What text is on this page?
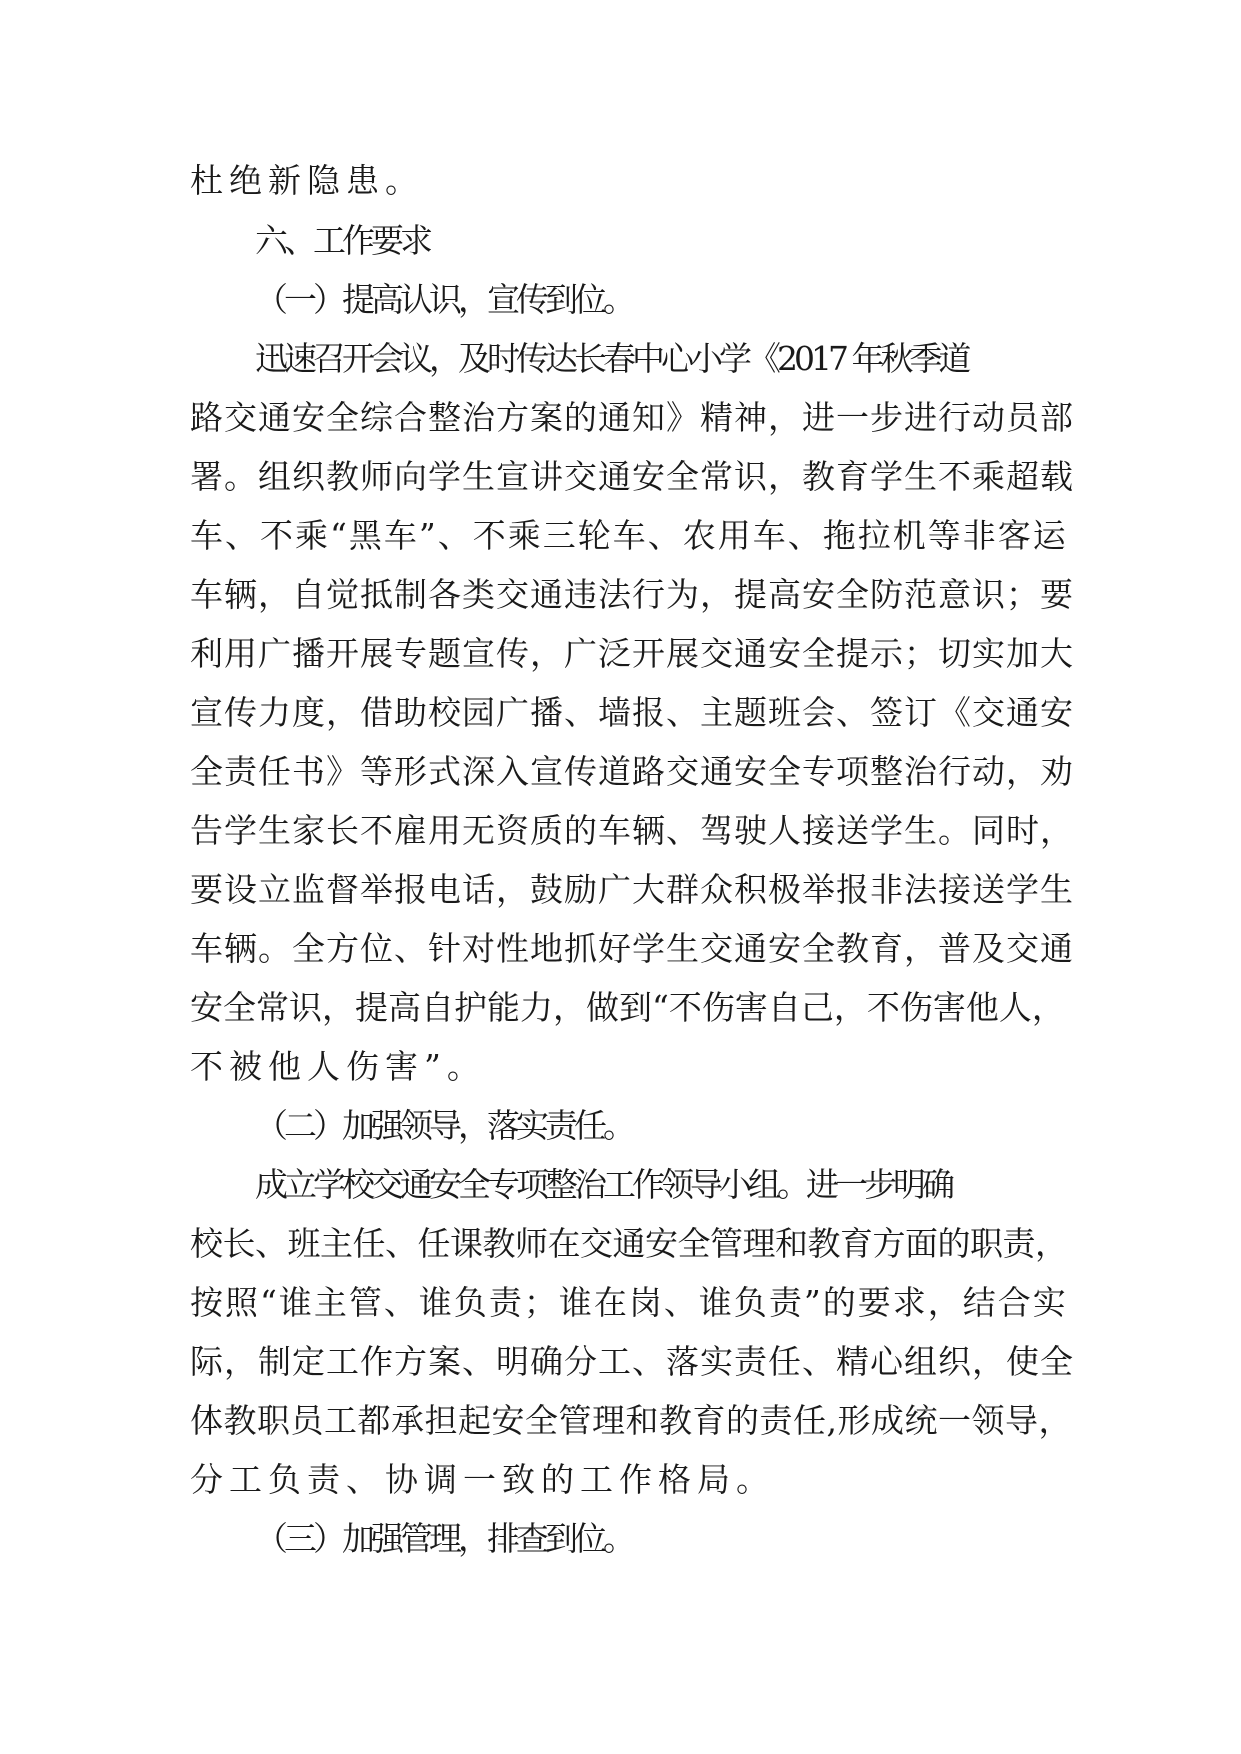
杜绝新隐患。
六、工作要求
（一）提高认识，宣传到位。
迅速召开会议，及时传达长春中心小学《2017 年秋季道
路交通安全综合整治方案的通知》精神，进一步进行动员部
署。组织教师向学生宣讲交通安全常识，教育学生不乘超载
车、不乘“黑车”、不乘三轮车、农用车、拖拉机等非客运
车辆，自觉抵制各类交通违法行为，提高安全防范意识；要
利用广播开展专题宣传，广泛开展交通安全提示；切实加大
宣传力度，借助校园广播、墙报、主题班会、签订《交通安
全责任书》等形式深入宣传道路交通安全专项整治行动，劝
告学生家长不雇用无资质的车辆、驾驶人接送学生。同时，
要设立监督举报电话，鼓励广大群众积极举报非法接送学生
车辆。全方位、针对性地抓好学生交通安全教育，普及交通
安全常识，提高自护能力，做到“不伤害自己，不伤害他人，
不被他人伤害”。
（二）加强领导，落实责任。
成立学校交通安全专项整治工作领导小组。进一步明确
校长、班主任、任课教师在交通安全管理和教育方面的职责，
按照“谁主管、谁负责；谁在岗、谁负责”的要求，结合实
际，制定工作方案、明确分工、落实责任、精心组织，使全
体教职员工都承担起安全管理和教育的责任,形成统一领导，
分工负责、协调一致的工作格局。
（三）加强管理，排查到位。
